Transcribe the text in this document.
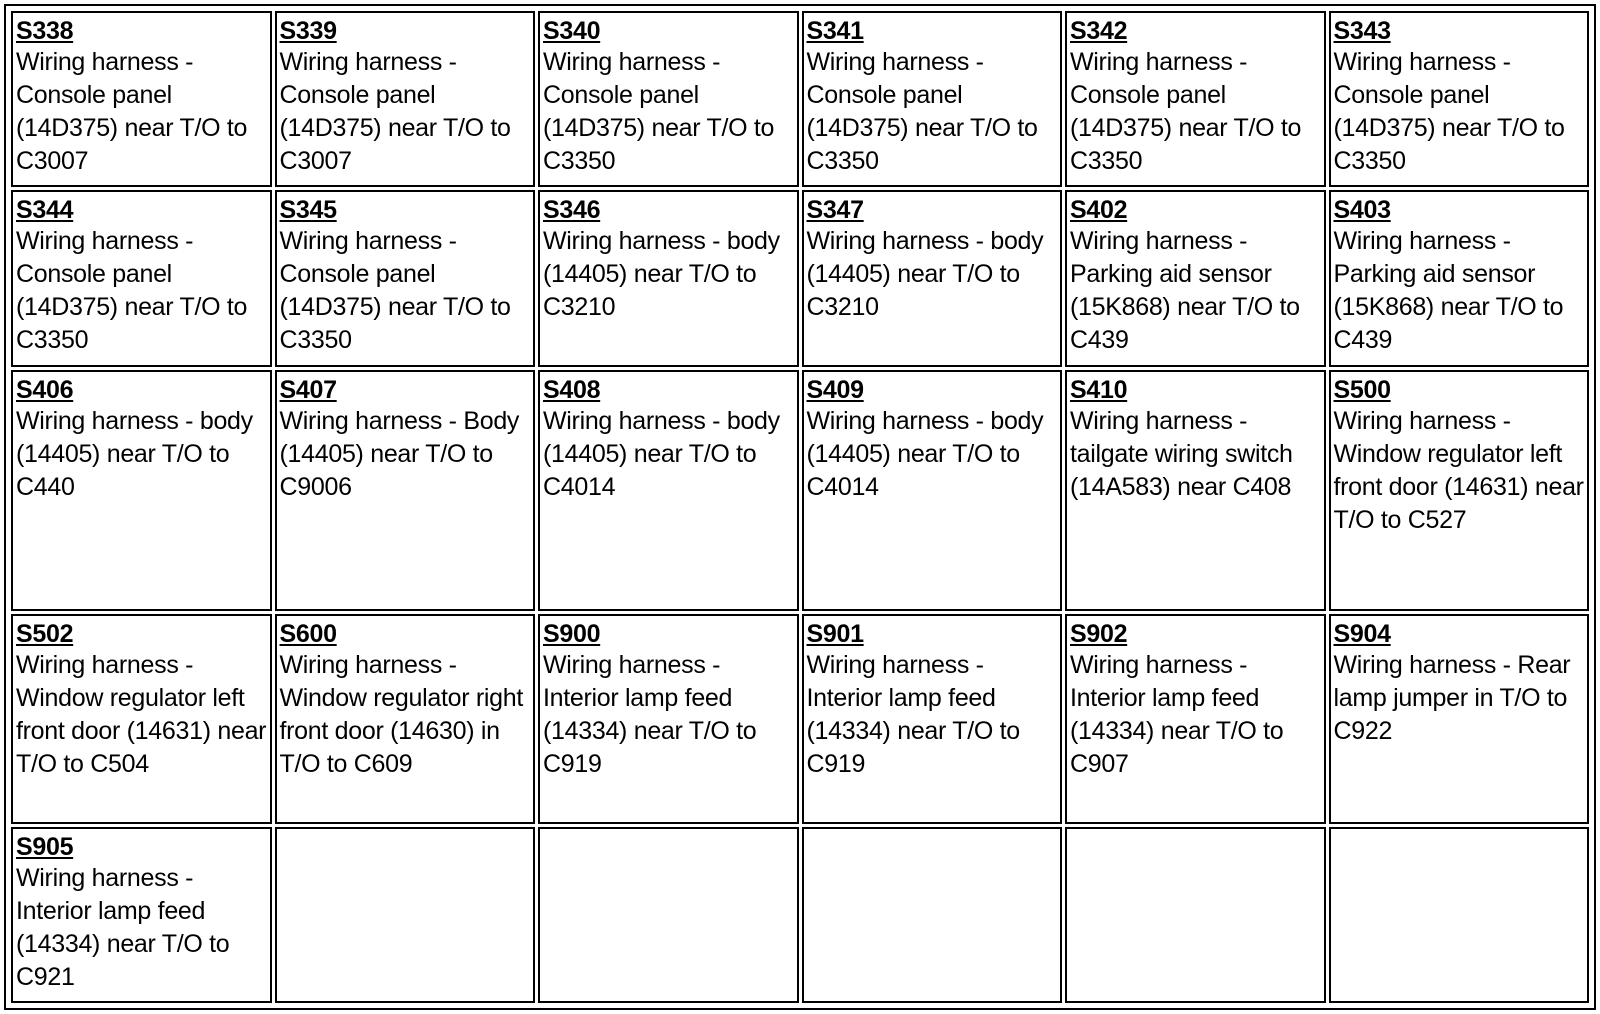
S338
Wiring harness - Console panel (14D375) near T/O to C3007	S339
Wiring harness - Console panel (14D375) near T/O to C3007	S340
Wiring harness - Console panel (14D375) near T/O to C3350	S341
Wiring harness - Console panel (14D375) near T/O to C3350	S342
Wiring harness - Console panel (14D375) near T/O to C3350	S343
Wiring harness - Console panel (14D375) near T/O to C3350

S344
Wiring harness - Console panel (14D375) near T/O to C3350	S345
Wiring harness - Console panel (14D375) near T/O to C3350	S346
Wiring harness - body (14405) near T/O to C3210	S347
Wiring harness - body (14405) near T/O to C3210	S402
Wiring harness - Parking aid sensor (15K868) near T/O to C439	S403
Wiring harness - Parking aid sensor (15K868) near T/O to C439

S406
Wiring harness - body (14405) near T/O to C440	S407
Wiring harness - Body (14405) near T/O to C9006	S408
Wiring harness - body (14405) near T/O to C4014	S409
Wiring harness - body (14405) near T/O to C4014	S410
Wiring harness - tailgate wiring switch (14A583) near C408	S500
Wiring harness - Window regulator left front door (14631) near T/O to C527

S502
Wiring harness - Window regulator left front door (14631) near T/O to C504	S600
Wiring harness - Window regulator right front door (14630) in T/O to C609	S900
Wiring harness - Interior lamp feed (14334) near T/O to C919	S901
Wiring harness - Interior lamp feed (14334) near T/O to C919	S902
Wiring harness - Interior lamp feed (14334) near T/O to C907	S904
Wiring harness - Rear lamp jumper in T/O to C922

S905
Wiring harness - Interior lamp feed (14334) near T/O to C921					
